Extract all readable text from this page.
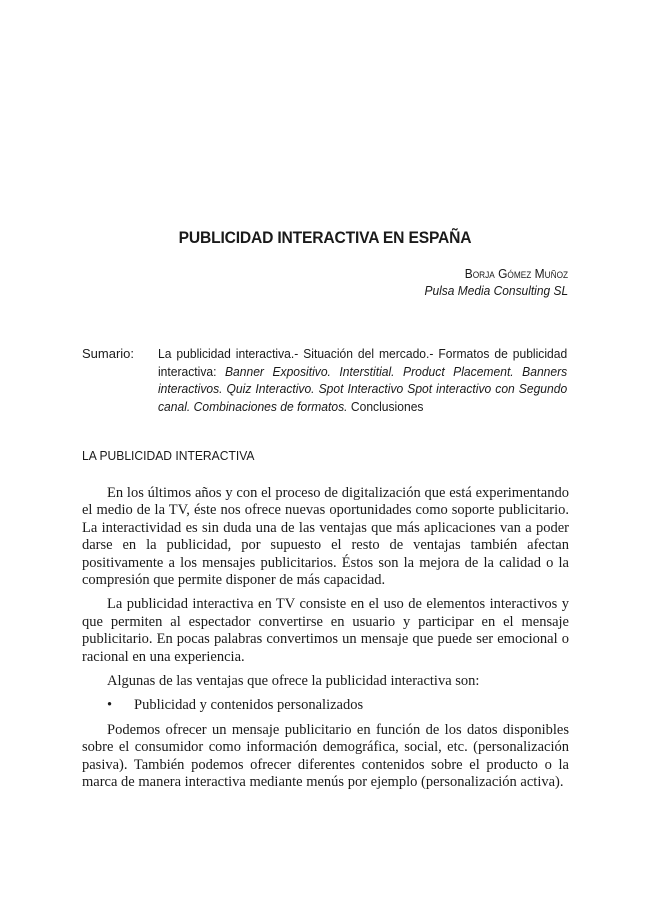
PUBLICIDAD INTERACTIVA EN ESPAÑA
Borja Gómez Muñoz
Pulsa Media Consulting SL
Sumario: La publicidad interactiva.- Situación del mercado.- Formatos de publicidad interactiva: Banner Expositivo. Interstitial. Product Placement. Banners interactivos. Quiz Interactivo. Spot Interactivo Spot interactivo con Segundo canal. Combinaciones de formatos. Conclusiones
LA PUBLICIDAD INTERACTIVA

En los últimos años y con el proceso de digitalización que está experimentando el medio de la TV, éste nos ofrece nuevas oportunidades como soporte publicitario. La interactividad es sin duda una de las ventajas que más aplicaciones van a poder darse en la publicidad, por supuesto el resto de ventajas también afectan positivamente a los mensajes publicitarios. Éstos son la mejora de la calidad o la compresión que permite disponer de más capacidad.

La publicidad interactiva en TV consiste en el uso de elementos interactivos y que permiten al espectador convertirse en usuario y participar en el mensaje publicitario. En pocas palabras convertimos un mensaje que puede ser emocional o racional en una experiencia.

Algunas de las ventajas que ofrece la publicidad interactiva son:

• Publicidad y contenidos personalizados

Podemos ofrecer un mensaje publicitario en función de los datos disponibles sobre el consumidor como información demográfica, social, etc. (personalización pasiva). También podemos ofrecer diferentes contenidos sobre el producto o la marca de manera interactiva mediante menús por ejemplo (personalización activa).
